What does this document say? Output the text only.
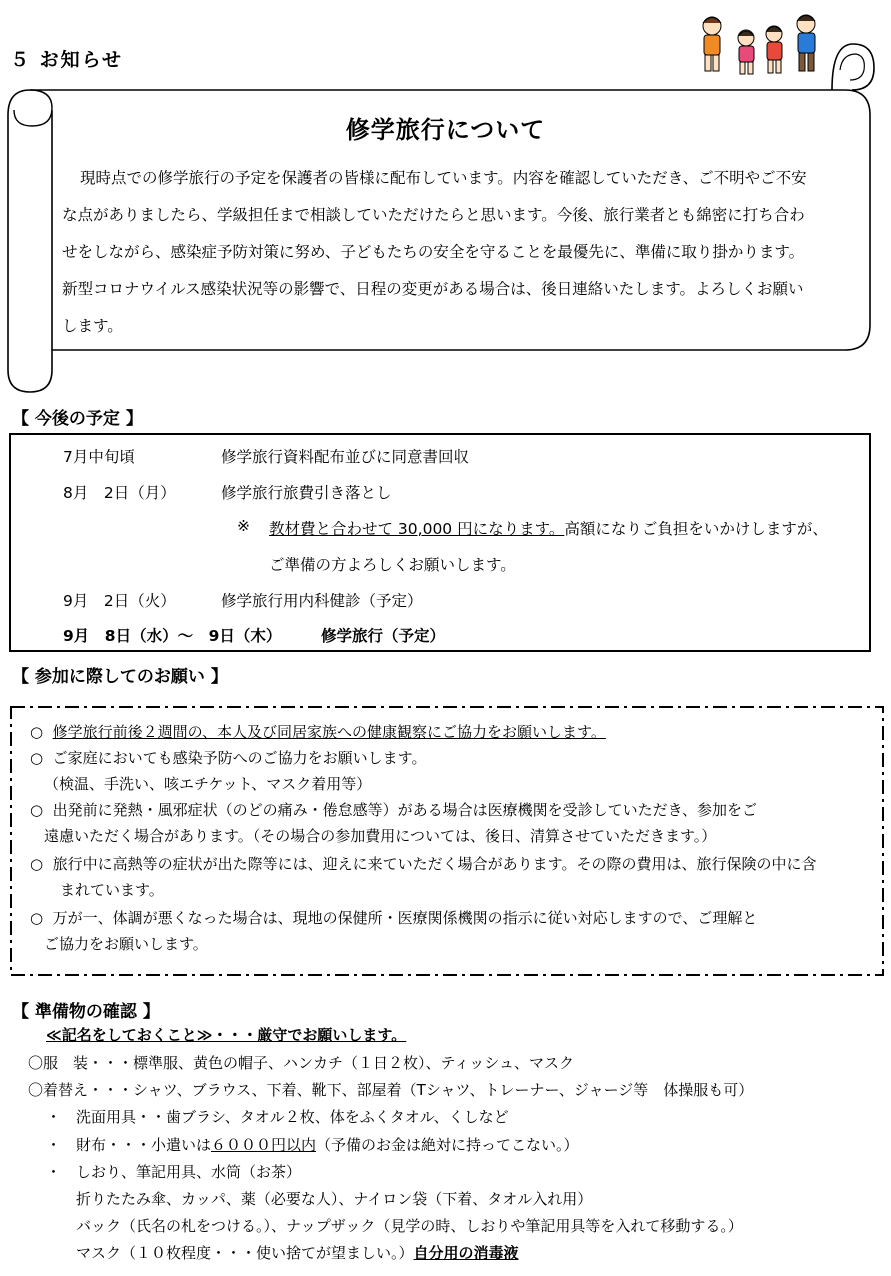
５ お知らせ
修学旅行について
現時点での修学旅行の予定を保護者の皆様に配布しています。内容を確認していただき、ご不明やご不安
な点がありましたら、学級担任まで相談していただけたらと思います。今後、旅行業者とも綿密に打ち合わ
せをしながら、感染症予防対策に努め、子どもたちの安全を守ることを最優先に、準備に取り掛かります。
新型コロナウイルス感染状況等の影響で、日程の変更がある場合は、後日連絡いたします。よろしくお願い
します。
【 今後の予定 】
7月中旬頃	修学旅行資料配布並びに同意書回収
8月　2日（月）	修学旅行旅費引き落とし
※ 教材費と合わせて 30,000 円になります。高額になりご負担をいかけしますが、
ご準備の方よろしくお願いします。
9月　2日（火）	修学旅行用内科健診（予定）
9月　8日（水）〜　9日（木）	修学旅行（予定）
【 参加に際してのお願い 】
○ 修学旅行前後２週間の、本人及び同居家族への健康観察にご協力をお願いします。
○ ご家庭においても感染予防へのご協力をお願いします。
（検温、手洗い、咳エチケット、マスク着用等）
○ 出発前に発熱・風邪症状（のどの痛み・倦怠感等）がある場合は医療機関を受診していただき、参加をご
遠慮いただく場合があります。（その場合の参加費用については、後日、清算させていただきます。）
○ 旅行中に高熱等の症状が出た際等には、迎えに来ていただく場合があります。その際の費用は、旅行保険の中に含
まれています。
○ 万が一、体調が悪くなった場合は、現地の保健所・医療関係機関の指示に従い対応しますので、ご理解と
ご協力をお願いします。
【 準備物の確認 】
≪記名をしておくこと≫・・・厳守でお願いします。
〇服　装・・・標準服、黄色の帽子、ハンカチ（１日２枚）、ティッシュ、マスク
〇着替え・・・シャツ、ブラウス、下着、靴下、部屋着（Tシャツ、トレーナー、ジャージ等　体操服も可）
・ 洗面用具・・歯ブラシ、タオル２枚、体をふくタオル、くしなど
・ 財布・・・小遣いは６０００円以内（予備のお金は絶対に持ってこない。）
・ しおり、筆記用具、水筒（お茶）
折りたたみ傘、カッパ、薬（必要な人）、ナイロン袋（下着、タオル入れ用）
バック（氏名の札をつける。）、ナップザック（見学の時、しおりや筆記用具等を入れて移動する。）
マスク（１０枚程度・・・使い捨てが望ましい。）自分用の消毒液
